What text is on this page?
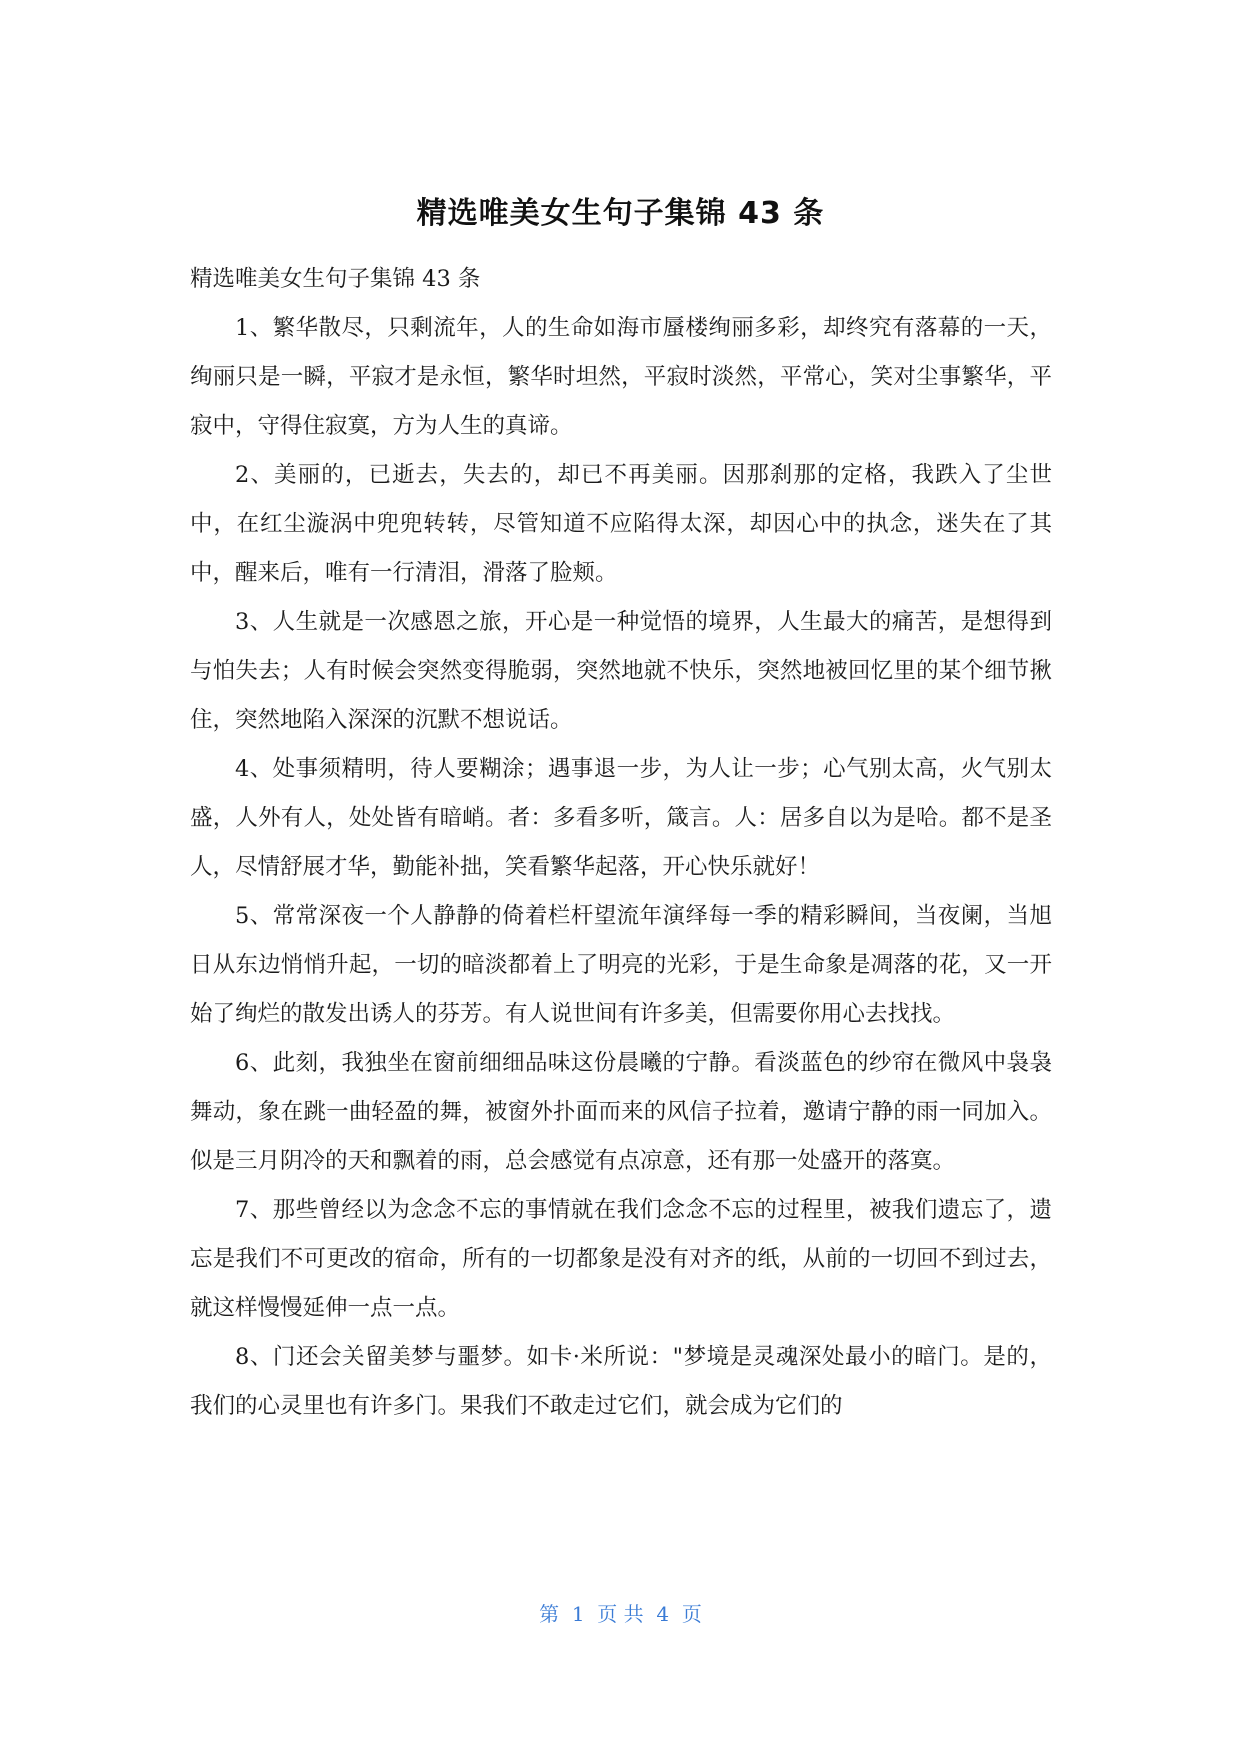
精选唯美女生句子集锦 43 条

精选唯美女生句子集锦 43 条

1、繁华散尽，只剩流年，人的生命如海市蜃楼绚丽多彩，却终究有落幕的一天，绚丽只是一瞬，平寂才是永恒，繁华时坦然，平寂时淡然，平常心，笑对尘事繁华，平寂中，守得住寂寞，方为人生的真谛。

2、美丽的，已逝去，失去的，却已不再美丽。因那刹那的定格，我跌入了尘世中，在红尘漩涡中兜兜转转，尽管知道不应陷得太深，却因心中的执念，迷失在了其中，醒来后，唯有一行清泪，滑落了脸颊。

3、人生就是一次感恩之旅，开心是一种觉悟的境界，人生最大的痛苦，是想得到与怕失去；人有时候会突然变得脆弱，突然地就不快乐，突然地被回忆里的某个细节揪住，突然地陷入深深的沉默不想说话。

4、处事须精明，待人要糊涂；遇事退一步，为人让一步；心气别太高，火气别太盛，人外有人，处处皆有暗峭。者：多看多听，箴言。人：居多自以为是哈。都不是圣人，尽情舒展才华，勤能补拙，笑看繁华起落，开心快乐就好！

5、常常深夜一个人静静的倚着栏杆望流年演绎每一季的精彩瞬间，当夜阑，当旭日从东边悄悄升起，一切的暗淡都着上了明亮的光彩，于是生命象是凋落的花，又一开始了绚烂的散发出诱人的芬芳。有人说世间有许多美，但需要你用心去找找。

6、此刻，我独坐在窗前细细品味这份晨曦的宁静。看淡蓝色的纱帘在微风中袅袅舞动，象在跳一曲轻盈的舞，被窗外扑面而来的风信子拉着，邀请宁静的雨一同加入。似是三月阴冷的天和飘着的雨，总会感觉有点凉意，还有那一处盛开的落寞。

7、那些曾经以为念念不忘的事情就在我们念念不忘的过程里，被我们遗忘了，遗忘是我们不可更改的宿命，所有的一切都象是没有对齐的纸，从前的一切回不到过去，就这样慢慢延伸一点一点。

8、门还会关留美梦与噩梦。如卡·米所说："梦境是灵魂深处最小的暗门。是的，我们的心灵里也有许多门。果我们不敢走过它们，就会成为它们的

第  1  页 共  4  页
